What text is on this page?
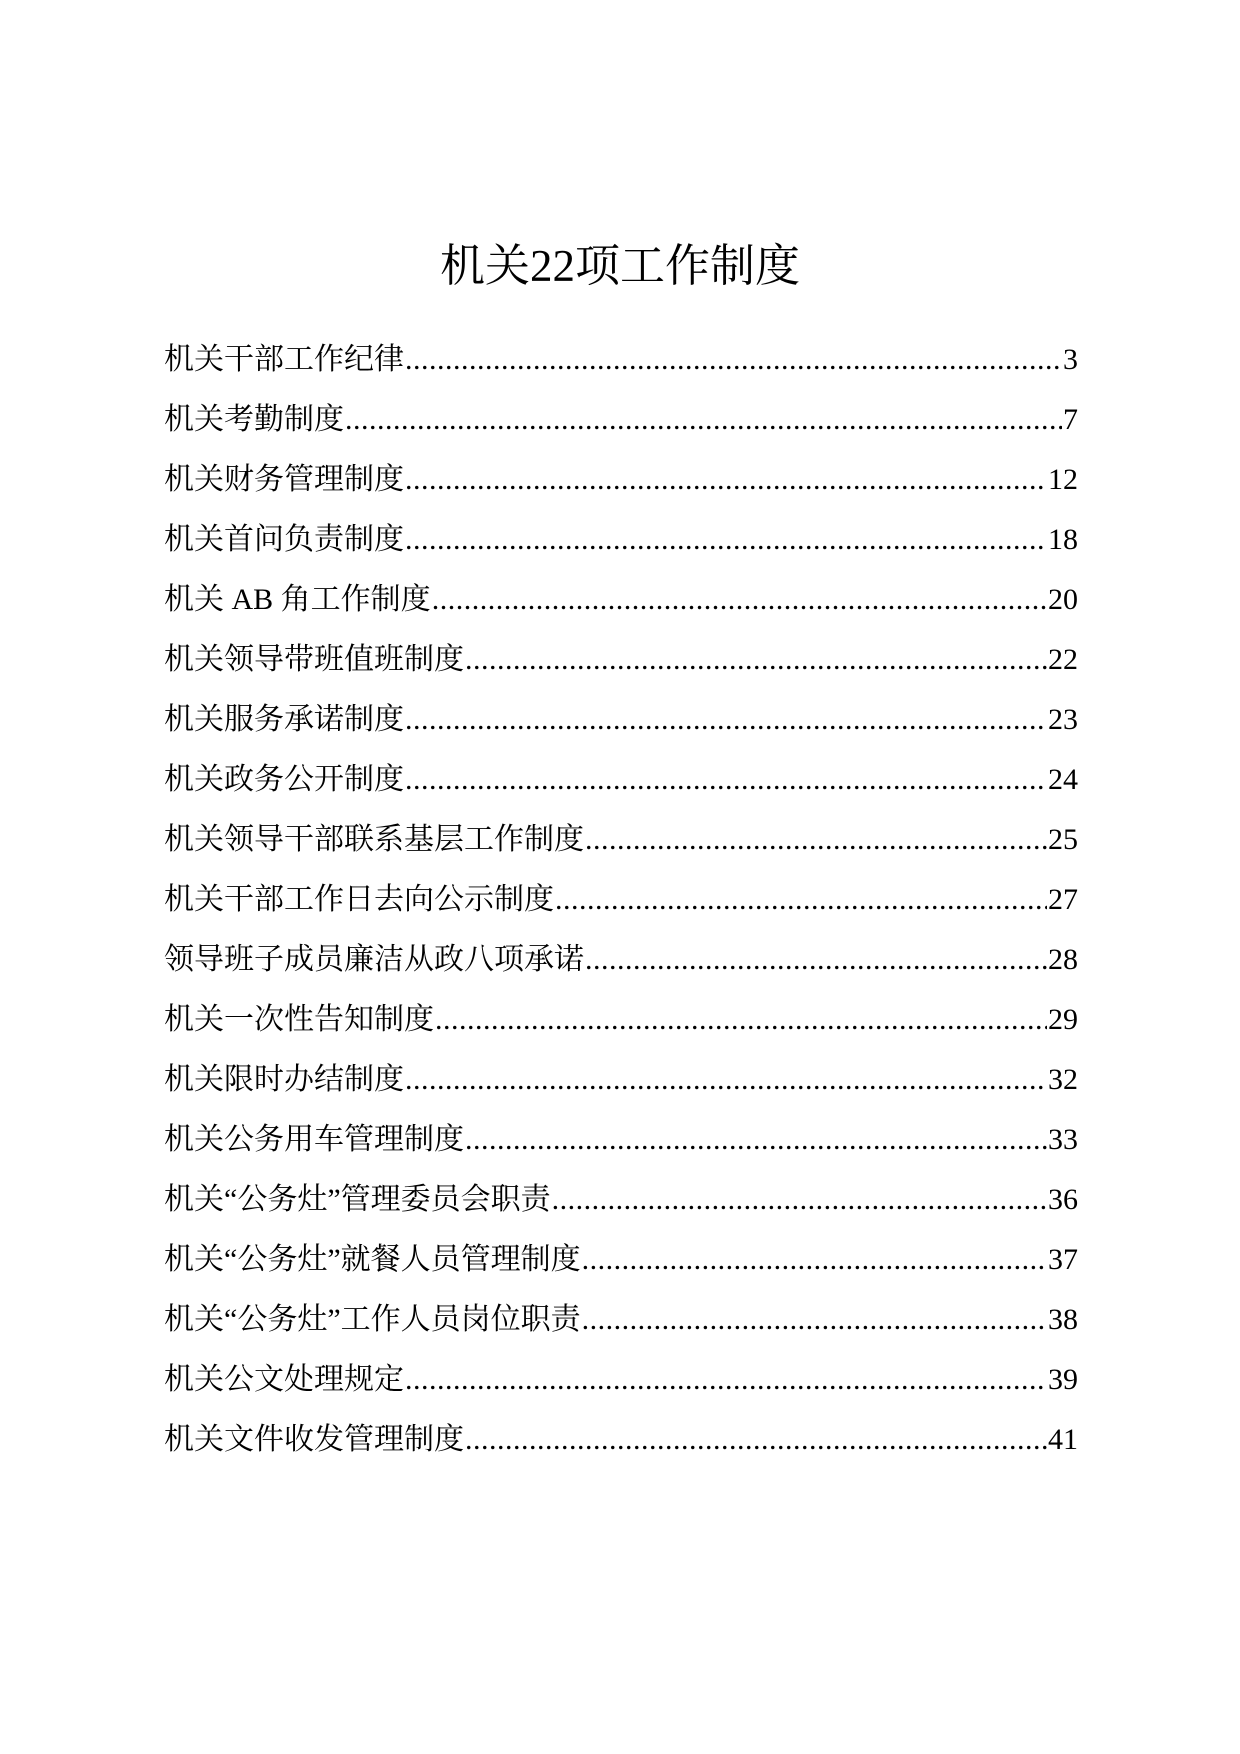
机关22项工作制度
机关干部工作纪律 .....	3
机关考勤制度 .....	7
机关财务管理制度 .....	12
机关首问负责制度 .....	18
机关 AB 角工作制度 .....	20
机关领导带班值班制度 .....	22
机关服务承诺制度 .....	23
机关政务公开制度 .....	24
机关领导干部联系基层工作制度 .....	25
机关干部工作日去向公示制度 .....	27
领导班子成员廉洁从政八项承诺 .....	28
机关一次性告知制度 .....	29
机关限时办结制度 .....	32
机关公务用车管理制度 .....	33
机关“公务灶”管理委员会职责 .....	36
机关“公务灶”就餐人员管理制度 .....	37
机关“公务灶”工作人员岗位职责 .....	38
机关公文处理规定 .....	39
机关文件收发管理制度 .....	41
